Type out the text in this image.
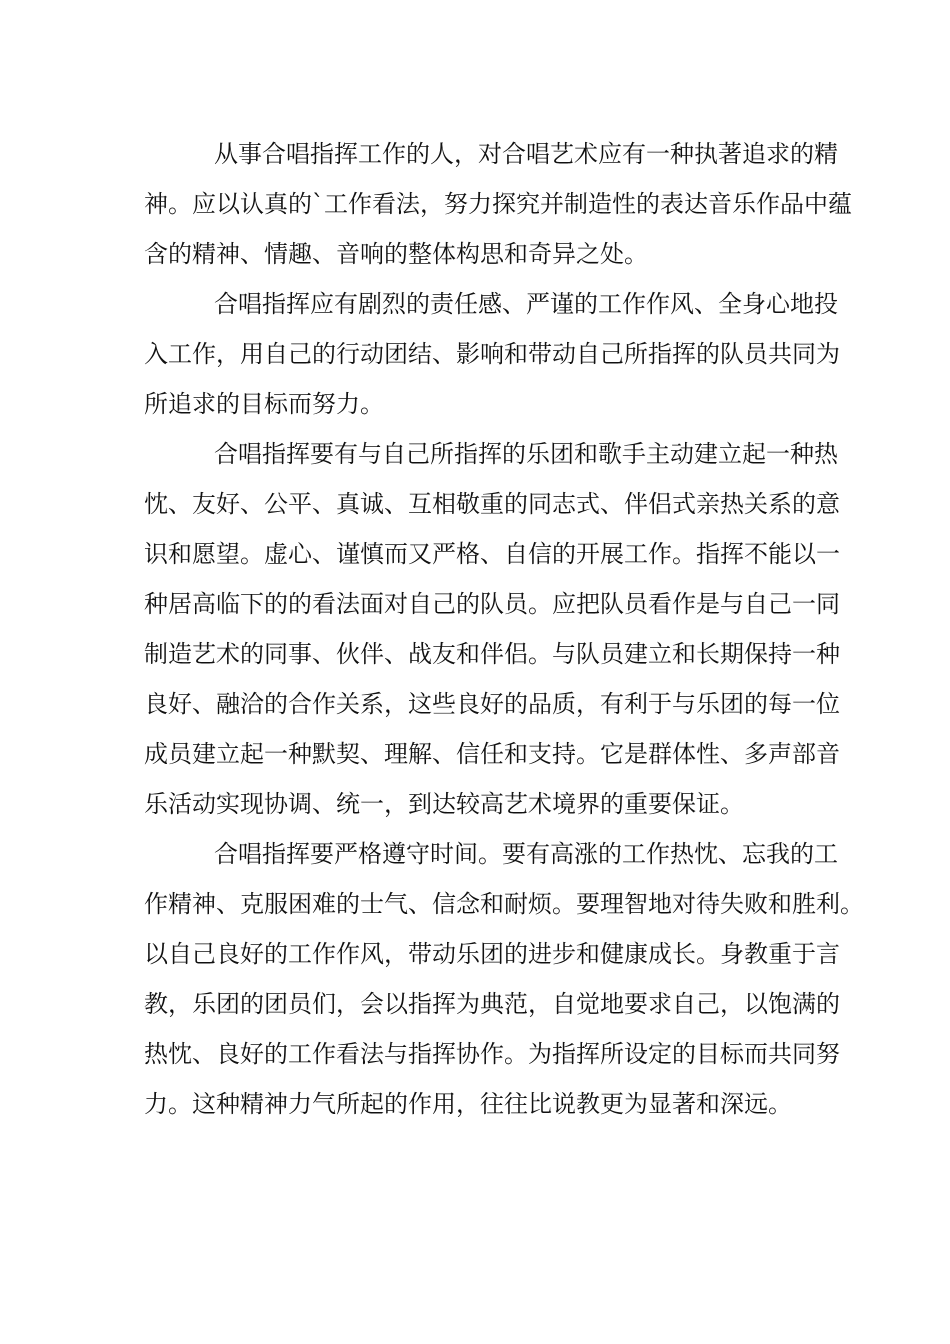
从事合唱指挥工作的人，对合唱艺术应有一种执著追求的精
神。应以认真的`工作看法，努力探究并制造性的表达音乐作品中蕴
含的精神、情趣、音响的整体构思和奇异之处。
合唱指挥应有剧烈的责任感、严谨的工作作风、全身心地投
入工作，用自己的行动团结、影响和带动自己所指挥的队员共同为
所追求的目标而努力。
合唱指挥要有与自己所指挥的乐团和歌手主动建立起一种热
忱、友好、公平、真诚、互相敬重的同志式、伴侣式亲热关系的意
识和愿望。虚心、谨慎而又严格、自信的开展工作。指挥不能以一
种居高临下的的看法面对自己的队员。应把队员看作是与自己一同
制造艺术的同事、伙伴、战友和伴侣。与队员建立和长期保持一种
良好、融洽的合作关系，这些良好的品质，有利于与乐团的每一位
成员建立起一种默契、理解、信任和支持。它是群体性、多声部音
乐活动实现协调、统一，到达较高艺术境界的重要保证。
合唱指挥要严格遵守时间。要有高涨的工作热忱、忘我的工
作精神、克服困难的士气、信念和耐烦。要理智地对待失败和胜利。
以自己良好的工作作风，带动乐团的进步和健康成长。身教重于言
教，乐团的团员们，会以指挥为典范，自觉地要求自己，以饱满的
热忱、良好的工作看法与指挥协作。为指挥所设定的目标而共同努
力。这种精神力气所起的作用，往往比说教更为显著和深远。
